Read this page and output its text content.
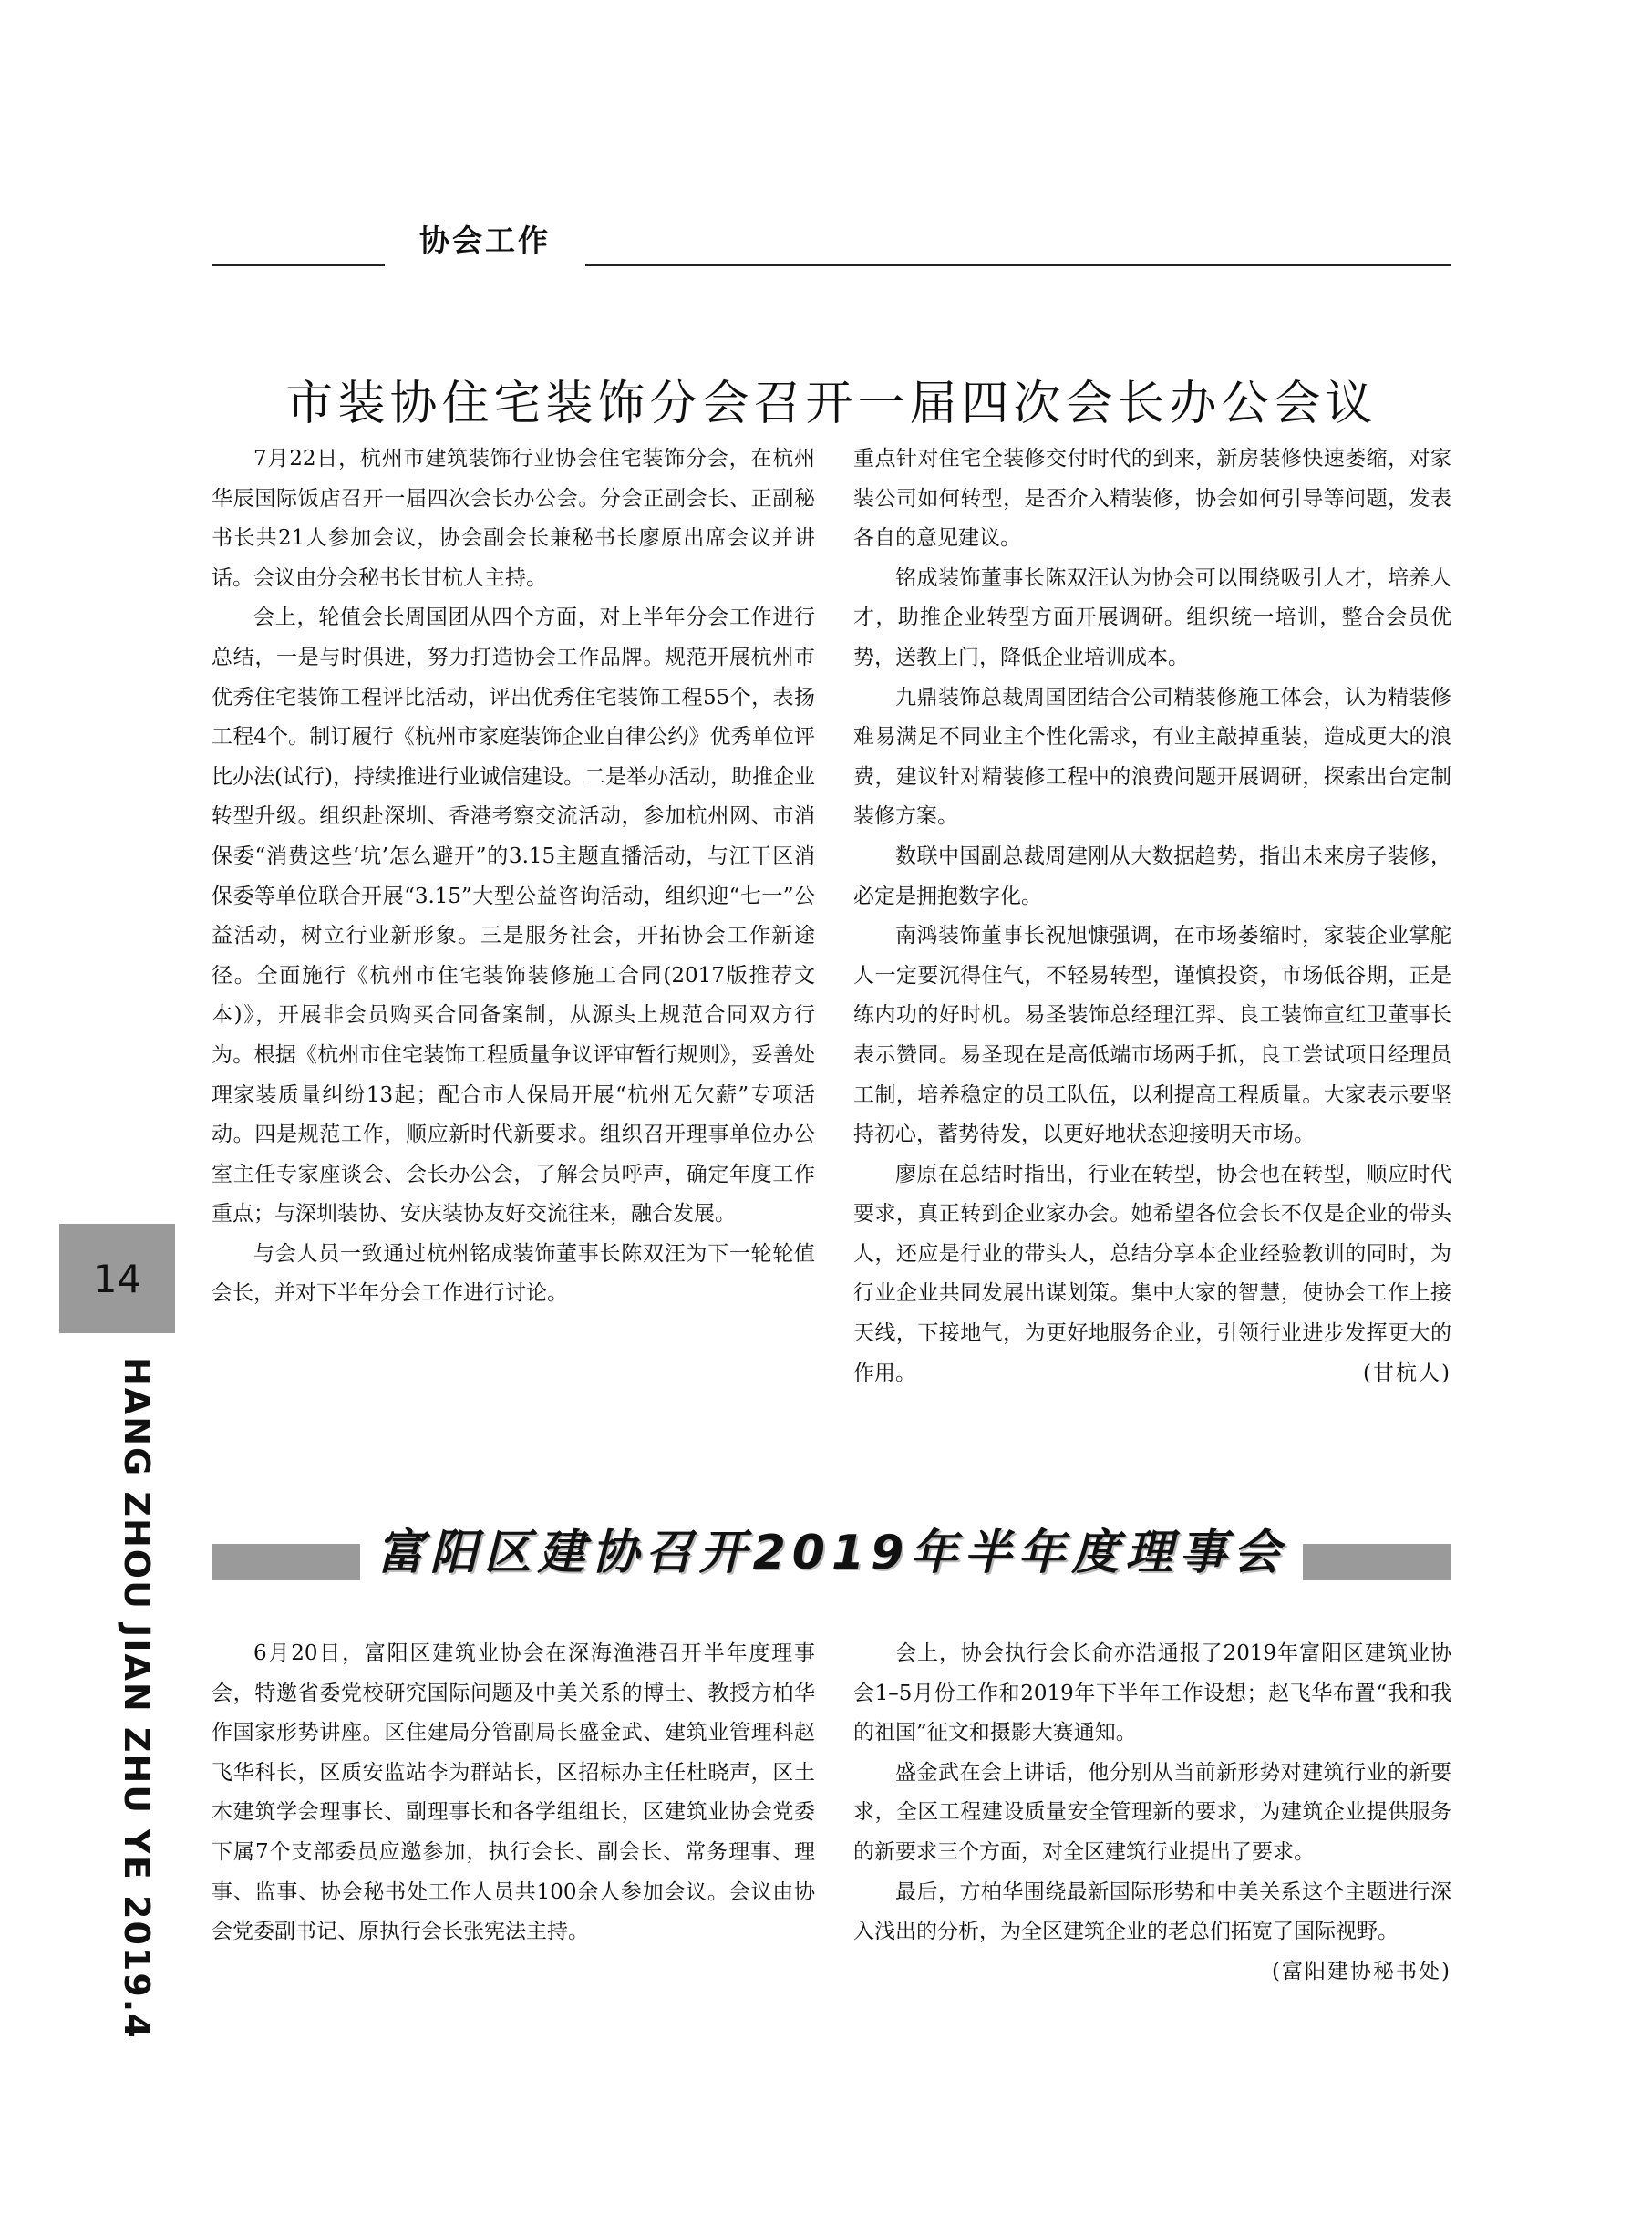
协会工作
市装协住宅装饰分会召开一届四次会长办公会议

7月22日，杭州市建筑装饰行业协会住宅装饰分会，在杭州华辰国际饭店召开一届四次会长办公会。分会正副会长、正副秘书长共21人参加会议，协会副会长兼秘书长廖原出席会议并讲话。会议由分会秘书长甘杭人主持。

会上，轮值会长周国团从四个方面，对上半年分会工作进行总结，一是与时俱进，努力打造协会工作品牌。规范开展杭州市优秀住宅装饰工程评比活动，评出优秀住宅装饰工程55个，表扬工程4个。制订履行《杭州市家庭装饰企业自律公约》优秀单位评比办法(试行)，持续推进行业诚信建设。二是举办活动，助推企业转型升级。组织赴深圳、香港考察交流活动，参加杭州网、市消保委“消费这些‘坑’怎么避开”的3.15主题直播活动，与江干区消保委等单位联合开展“3.15”大型公益咨询活动，组织迎“七一”公益活动，树立行业新形象。三是服务社会，开拓协会工作新途径。全面施行《杭州市住宅装饰装修施工合同(2017版推荐文本)》，开展非会员购买合同备案制，从源头上规范合同双方行为。根据《杭州市住宅装饰工程质量争议评审暂行规则》，妥善处理家装质量纠纷13起；配合市人保局开展“杭州无欠薪”专项活动。四是规范工作，顺应新时代新要求。组织召开理事单位办公室主任专家座谈会、会长办公会，了解会员呼声，确定年度工作重点；与深圳装协、安庆装协友好交流往来，融合发展。

与会人员一致通过杭州铭成装饰董事长陈双汪为下一轮轮值会长，并对下半年分会工作进行讨论。

重点针对住宅全装修交付时代的到来，新房装修快速萎缩，对家装公司如何转型，是否介入精装修，协会如何引导等问题，发表各自的意见建议。

铭成装饰董事长陈双汪认为协会可以围绕吸引人才，培养人才，助推企业转型方面开展调研。组织统一培训，整合会员优势，送教上门，降低企业培训成本。

九鼎装饰总裁周国团结合公司精装修施工体会，认为精装修难易满足不同业主个性化需求，有业主敲掉重装，造成更大的浪费，建议针对精装修工程中的浪费问题开展调研，探索出台定制装修方案。

数联中国副总裁周建刚从大数据趋势，指出未来房子装修，必定是拥抱数字化。

南鸿装饰董事长祝旭慷强调，在市场萎缩时，家装企业掌舵人一定要沉得住气，不轻易转型，谨慎投资，市场低谷期，正是练内功的好时机。易圣装饰总经理江羿、良工装饰宣红卫董事长表示赞同。易圣现在是高低端市场两手抓，良工尝试项目经理员工制，培养稳定的员工队伍，以利提高工程质量。大家表示要坚持初心，蓄势待发，以更好地状态迎接明天市场。

廖原在总结时指出，行业在转型，协会也在转型，顺应时代要求，真正转到企业家办会。她希望各位会长不仅是企业的带头人，还应是行业的带头人，总结分享本企业经验教训的同时，为行业企业共同发展出谋划策。集中大家的智慧，使协会工作上接天线，下接地气，为更好地服务企业，引领行业进步发挥更大的作用。	(甘杭人)

富阳区建协召开2019年半年度理事会

6月20日，富阳区建筑业协会在深海渔港召开半年度理事会，特邀省委党校研究国际问题及中美关系的博士、教授方柏华作国家形势讲座。区住建局分管副局长盛金武、建筑业管理科赵飞华科长，区质安监站李为群站长，区招标办主任杜晓声，区土木建筑学会理事长、副理事长和各学组组长，区建筑业协会党委下属7个支部委员应邀参加，执行会长、副会长、常务理事、理事、监事、协会秘书处工作人员共100余人参加会议。会议由协会党委副书记、原执行会长张宪法主持。

会上，协会执行会长俞亦浩通报了2019年富阳区建筑业协会1–5月份工作和2019年下半年工作设想；赵飞华布置“我和我的祖国”征文和摄影大赛通知。

盛金武在会上讲话，他分别从当前新形势对建筑行业的新要求，全区工程建设质量安全管理新的要求，为建筑企业提供服务的新要求三个方面，对全区建筑行业提出了要求。

最后，方柏华围绕最新国际形势和中美关系这个主题进行深入浅出的分析，为全区建筑企业的老总们拓宽了国际视野。
(富阳建协秘书处)

14
HANG ZHOU JIAN ZHU YE 2019.4
